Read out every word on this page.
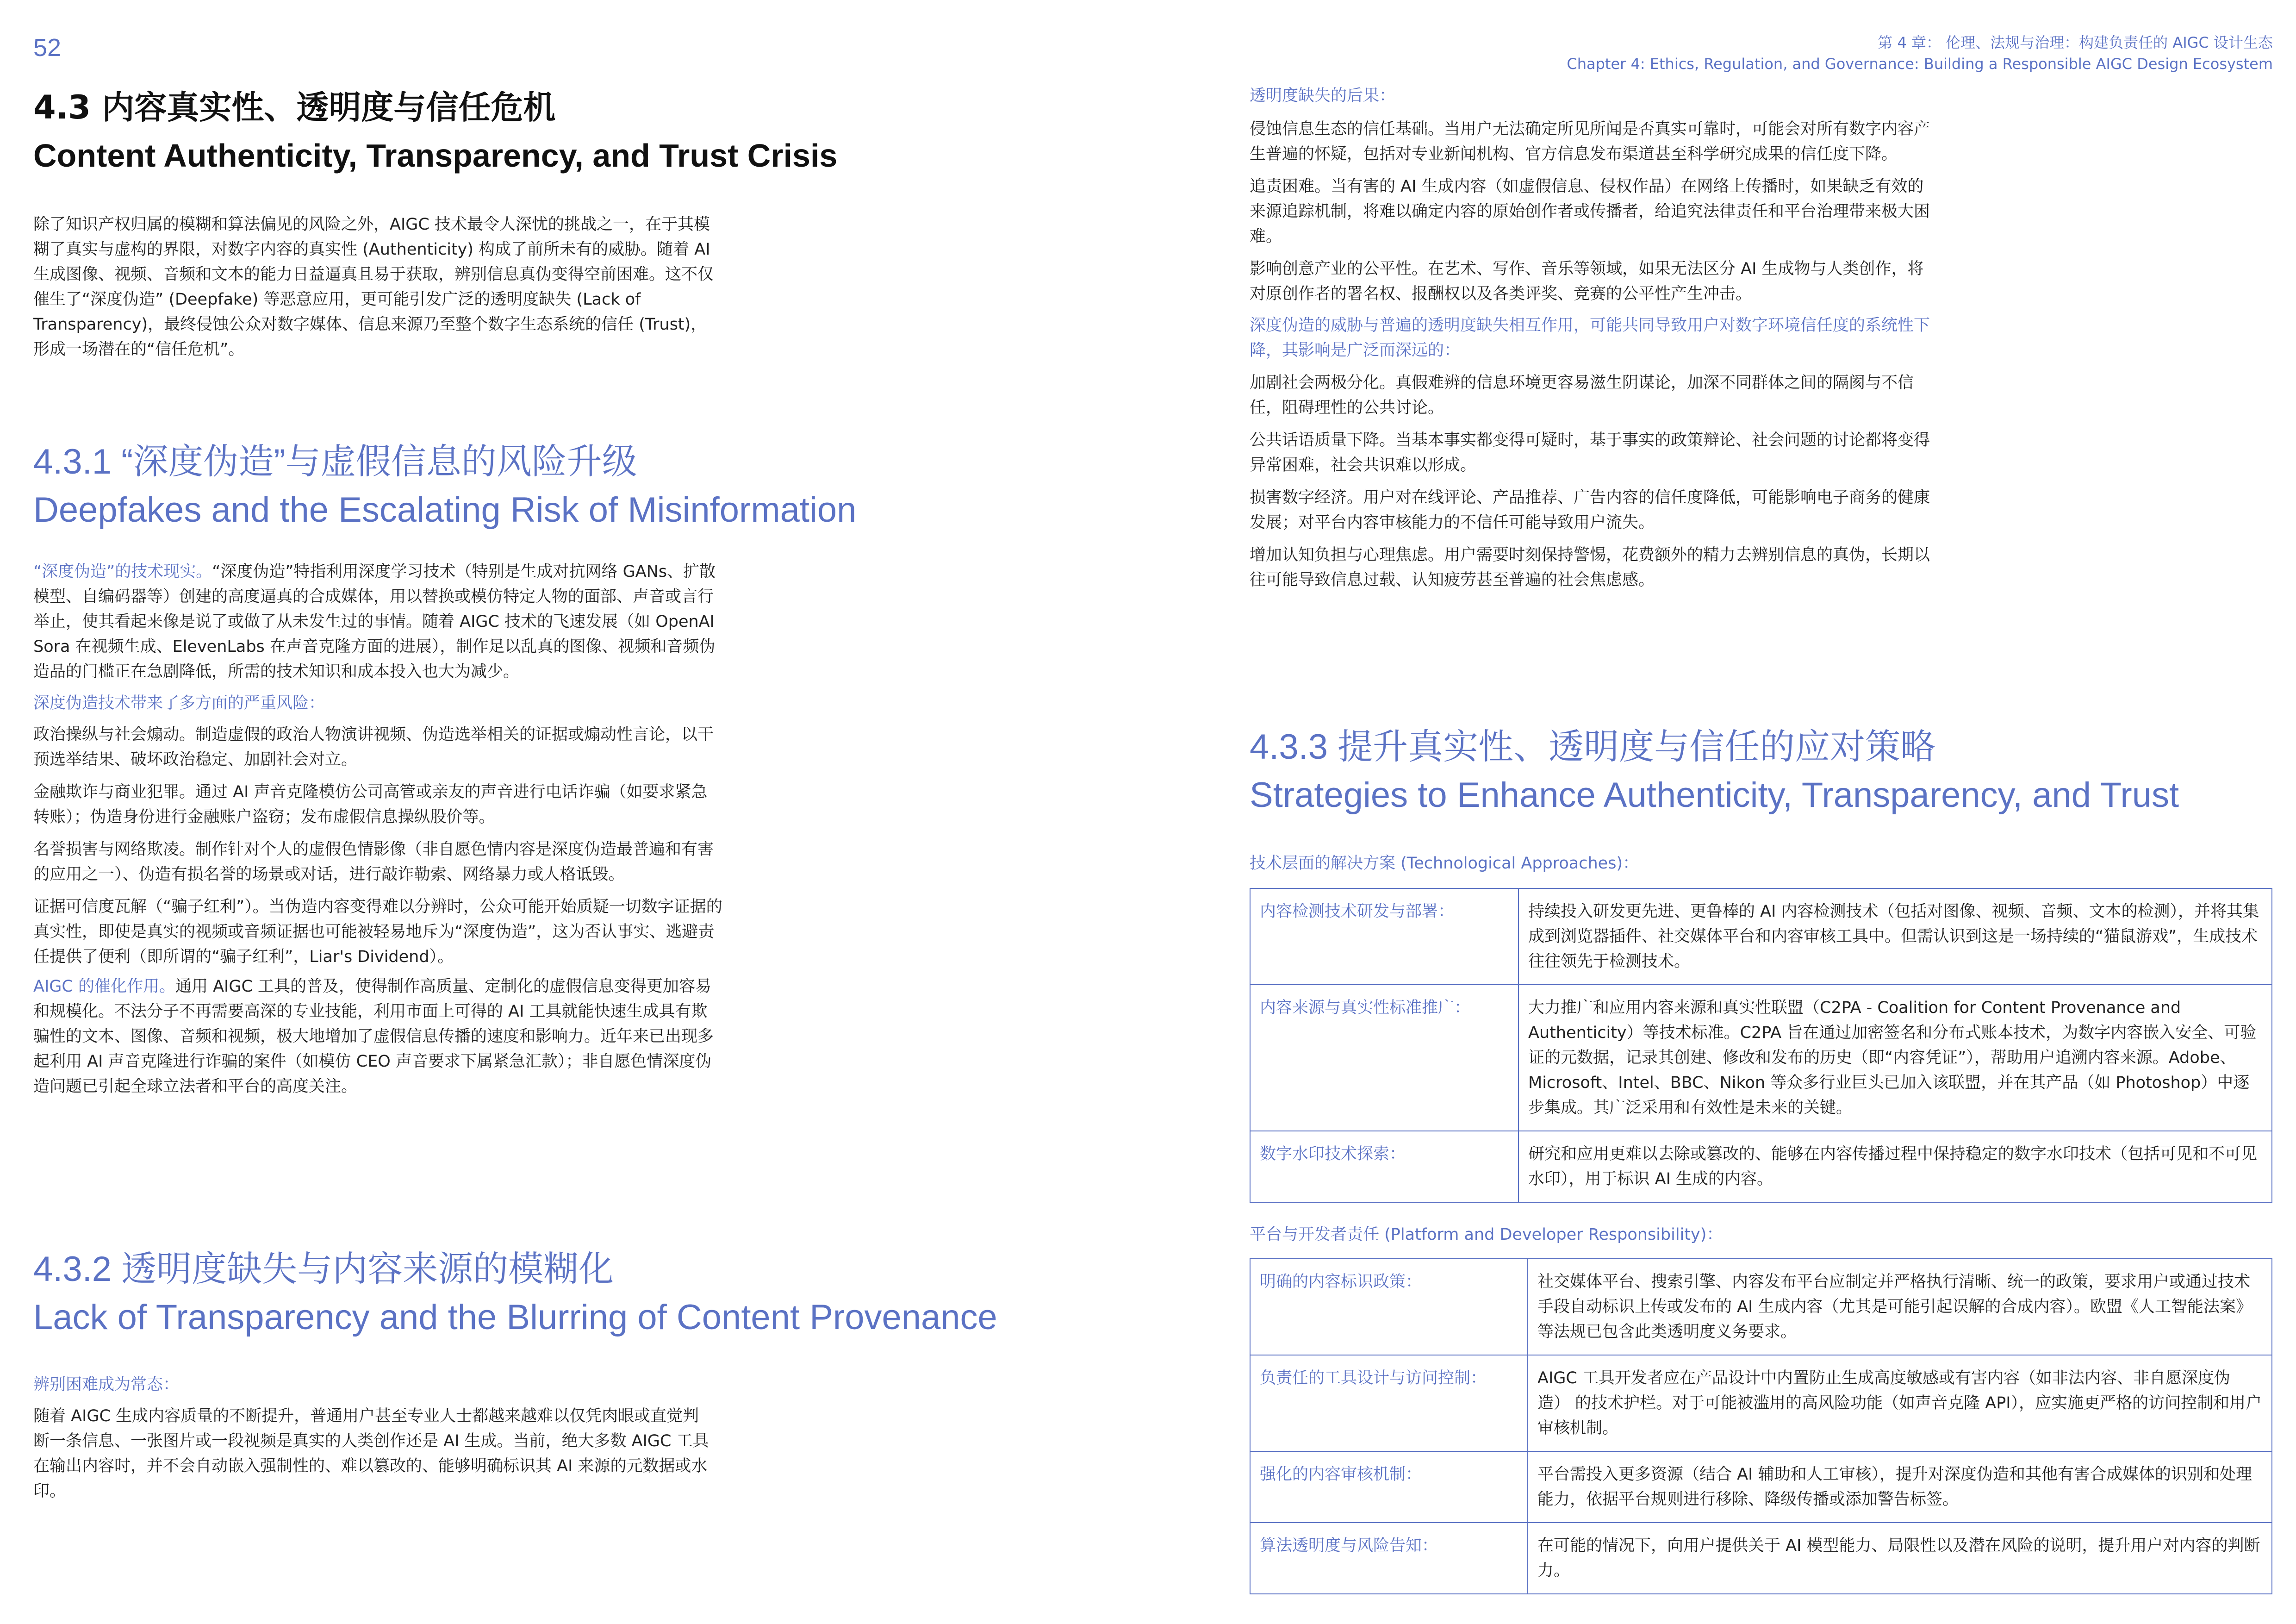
52	第 4 章： 伦理、法规与治理：构建负责任的 AIGC 设计生态
Chapter 4: Ethics, Regulation, and Governance: Building a Responsible AIGC Design Ecosystem
4.3 内容真实性、透明度与信任危机
Content Authenticity, Transparency, and Trust Crisis
除了知识产权归属的模糊和算法偏见的风险之外，AIGC 技术最令人深忧的挑战之一，在于其模糊了真实与虚构的界限，对数字内容的真实性 (Authenticity) 构成了前所未有的威胁。随着 AI 生成图像、视频、音频和文本的能力日益逼真且易于获取，辨别信息真伪变得空前困难。这不仅催生了“深度伪造” (Deepfake) 等恶意应用，更可能引发广泛的透明度缺失 (Lack of Transparency)，最终侵蚀公众对数字媒体、信息来源乃至整个数字生态系统的信任 (Trust)，形成一场潜在的“信任危机”。
4.3.1 “深度伪造”与虚假信息的风险升级
Deepfakes and the Escalating Risk of Misinformation
“深度伪造”的技术现实。“深度伪造”特指利用深度学习技术（特别是生成对抗网络 GANs、扩散模型、自编码器等）创建的高度逼真的合成媒体，用以替换或模仿特定人物的面部、声音或言行举止，使其看起来像是说了或做了从未发生过的事情。随着 AIGC 技术的飞速发展（如 OpenAI Sora 在视频生成、ElevenLabs 在声音克隆方面的进展），制作足以乱真的图像、视频和音频伪造品的门槛正在急剧降低，所需的技术知识和成本投入也大为减少。
深度伪造技术带来了多方面的严重风险：
政治操纵与社会煽动。制造虚假的政治人物演讲视频、伪造选举相关的证据或煽动性言论，以干预选举结果、破坏政治稳定、加剧社会对立。
金融欺诈与商业犯罪。通过 AI 声音克隆模仿公司高管或亲友的声音进行电话诈骗（如要求紧急转账）；伪造身份进行金融账户盗窃；发布虚假信息操纵股价等。
名誉损害与网络欺凌。制作针对个人的虚假色情影像（非自愿色情内容是深度伪造最普遍和有害的应用之一）、伪造有损名誉的场景或对话，进行敲诈勒索、网络暴力或人格诋毁。
证据可信度瓦解（“骗子红利”）。当伪造内容变得难以分辨时，公众可能开始质疑一切数字证据的真实性，即使是真实的视频或音频证据也可能被轻易地斥为“深度伪造”，这为否认事实、逃避责任提供了便利（即所谓的“骗子红利”，Liar's Dividend）。
AIGC 的催化作用。通用 AIGC 工具的普及，使得制作高质量、定制化的虚假信息变得更加容易和规模化。不法分子不再需要高深的专业技能，利用市面上可得的 AI 工具就能快速生成具有欺骗性的文本、图像、音频和视频，极大地增加了虚假信息传播的速度和影响力。近年来已出现多起利用 AI 声音克隆进行诈骗的案件（如模仿 CEO 声音要求下属紧急汇款）；非自愿色情深度伪造问题已引起全球立法者和平台的高度关注。
4.3.2 透明度缺失与内容来源的模糊化
Lack of Transparency and the Blurring of Content Provenance
辨别困难成为常态：
随着 AIGC 生成内容质量的不断提升，普通用户甚至专业人士都越来越难以仅凭肉眼或直觉判断一条信息、一张图片或一段视频是真实的人类创作还是 AI 生成。当前，绝大多数 AIGC 工具在输出内容时，并不会自动嵌入强制性的、难以篡改的、能够明确标识其 AI 来源的元数据或水印。
透明度缺失的后果：
侵蚀信息生态的信任基础。当用户无法确定所见所闻是否真实可靠时，可能会对所有数字内容产生普遍的怀疑，包括对专业新闻机构、官方信息发布渠道甚至科学研究成果的信任度下降。
追责困难。当有害的 AI 生成内容（如虚假信息、侵权作品）在网络上传播时，如果缺乏有效的来源追踪机制，将难以确定内容的原始创作者或传播者，给追究法律责任和平台治理带来极大困难。
影响创意产业的公平性。在艺术、写作、音乐等领域，如果无法区分 AI 生成物与人类创作，将对原创作者的署名权、报酬权以及各类评奖、竞赛的公平性产生冲击。
深度伪造的威胁与普遍的透明度缺失相互作用，可能共同导致用户对数字环境信任度的系统性下降，其影响是广泛而深远的：
加剧社会两极分化。真假难辨的信息环境更容易滋生阴谋论，加深不同群体之间的隔阂与不信任，阻碍理性的公共讨论。
公共话语质量下降。当基本事实都变得可疑时，基于事实的政策辩论、社会问题的讨论都将变得异常困难，社会共识难以形成。
损害数字经济。用户对在线评论、产品推荐、广告内容的信任度降低，可能影响电子商务的健康发展；对平台内容审核能力的不信任可能导致用户流失。
增加认知负担与心理焦虑。用户需要时刻保持警惕，花费额外的精力去辨别信息的真伪，长期以往可能导致信息过载、认知疲劳甚至普遍的社会焦虑感。
4.3.3 提升真实性、透明度与信任的应对策略
Strategies to Enhance Authenticity, Transparency, and Trust
技术层面的解决方案 (Technological Approaches)：
内容检测技术研发与部署：	持续投入研发更先进、更鲁棒的 AI 内容检测技术（包括对图像、视频、音频、文本的检测），并将其集成到浏览器插件、社交媒体平台和内容审核工具中。但需认识到这是一场持续的“猫鼠游戏”，生成技术往往领先于检测技术。
内容来源与真实性标准推广：	大力推广和应用内容来源和真实性联盟（C2PA - Coalition for Content Provenance and Authenticity）等技术标准。C2PA 旨在通过加密签名和分布式账本技术，为数字内容嵌入安全、可验证的元数据，记录其创建、修改和发布的历史（即“内容凭证”），帮助用户追溯内容来源。Adobe、Microsoft、Intel、BBC、Nikon 等众多行业巨头已加入该联盟，并在其产品（如 Photoshop）中逐步集成。其广泛采用和有效性是未来的关键。
数字水印技术探索：	研究和应用更难以去除或篡改的、能够在内容传播过程中保持稳定的数字水印技术（包括可见和不可见水印），用于标识 AI 生成的内容。
平台与开发者责任 (Platform and Developer Responsibility)：
明确的内容标识政策：	社交媒体平台、搜索引擎、内容发布平台应制定并严格执行清晰、统一的政策，要求用户或通过技术手段自动标识上传或发布的 AI 生成内容（尤其是可能引起误解的合成内容）。欧盟《人工智能法案》等法规已包含此类透明度义务要求。
负责任的工具设计与访问控制：	AIGC 工具开发者应在产品设计中内置防止生成高度敏感或有害内容（如非法内容、非自愿深度伪造） 的技术护栏。对于可能被滥用的高风险功能（如声音克隆 API），应实施更严格的访问控制和用户审核机制。
强化的内容审核机制：	平台需投入更多资源（结合 AI 辅助和人工审核），提升对深度伪造和其他有害合成媒体的识别和处理能力，依据平台规则进行移除、降级传播或添加警告标签。
算法透明度与风险告知：	在可能的情况下，向用户提供关于 AI 模型能力、局限性以及潜在风险的说明，提升用户对内容的判断力。
